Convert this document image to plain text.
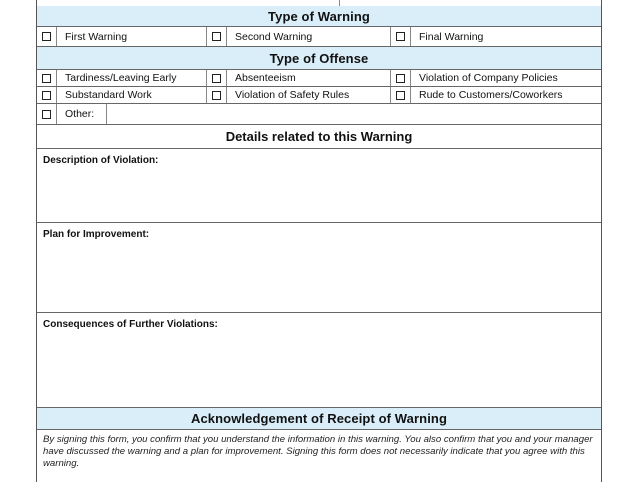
Type of Warning
First Warning	Second Warning	Final Warning
Type of Offense
Tardiness/Leaving Early	Absenteeism	Violation of Company Policies
Substandard Work	Violation of Safety Rules	Rude to Customers/Coworkers
Other:
Details related to this Warning
Description of Violation:
Plan for Improvement:
Consequences of Further Violations:
Acknowledgement of Receipt of Warning
By signing this form, you confirm that you understand the information in this warning. You also confirm that you and your manager have discussed the warning and a plan for improvement. Signing this form does not necessarily indicate that you agree with this warning.
